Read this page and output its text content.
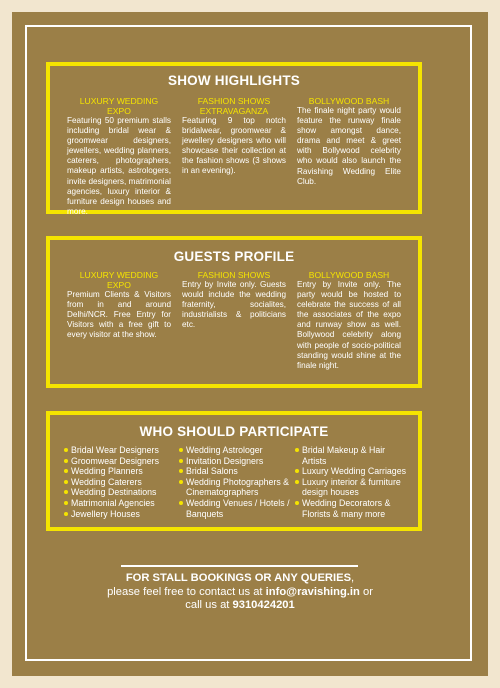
SHOW HIGHLIGHTS
LUXURY WEDDING EXPO
Featuring 50 premium stalls including bridal wear & groomwear designers, jewellers, wedding planners, caterers, photographers, makeup artists, astrologers, invite designers, matrimonial agencies, luxury interior & furniture design houses and more.
FASHION SHOWS EXTRAVAGANZA
Featuring 9 top notch bridalwear, groomwear & jewellery designers who will showcase their collection at the fashion shows (3 shows in an evening).
BOLLYWOOD BASH
The finale night party would feature the runway finale show amongst dance, drama and meet & greet with Bollywood celebrity who would also launch the Ravishing Wedding Elite Club.
GUESTS PROFILE
LUXURY WEDDING EXPO
Premium Clients & Visitors from in and around Delhi/NCR. Free Entry for Visitors with a free gift to every visitor at the show.
FASHION SHOWS
Entry by Invite only. Guests would include the wedding fraternity, socialites, industrialists & politicians etc.
BOLLYWOOD BASH
Entry by Invite only. The party would be hosted to celebrate the success of all the associates of the expo and runway show as well. Bollywood celebrity along with people of socio-political standing would shine at the finale night.
WHO SHOULD PARTICIPATE
Bridal Wear Designers
Groomwear Designers
Wedding Planners
Wedding Caterers
Wedding Destinations
Matrimonial Agencies
Jewellery Houses
Wedding Astrologer
Invitation Designers
Bridal Salons
Wedding Photographers & Cinematographers
Wedding Venues / Hotels / Banquets
Bridal Makeup & Hair Artists
Luxury Wedding Carriages
Luxury interior & furniture design houses
Wedding Decorators & Florists & many more
FOR STALL BOOKINGS OR ANY QUERIES,
please feel free to contact us at info@ravishing.in or
call us at 9310424201
